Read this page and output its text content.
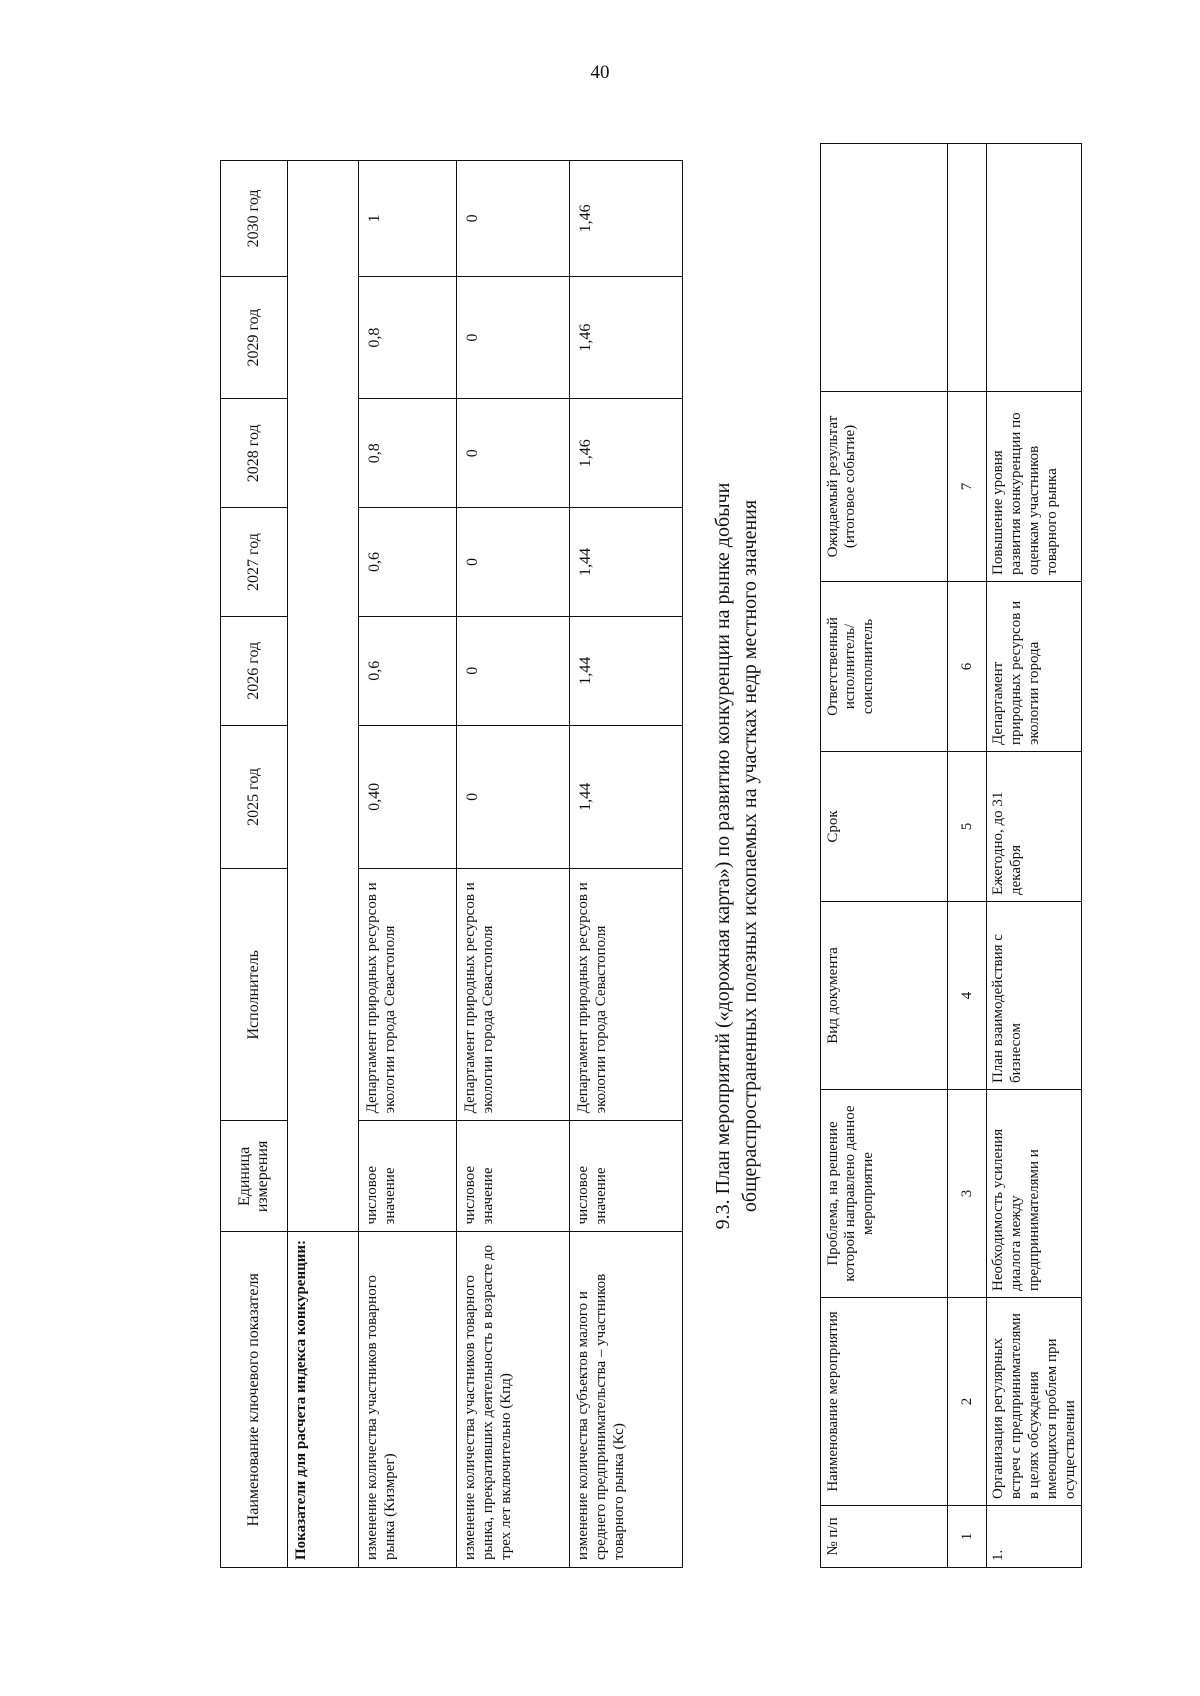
40
Наименование ключевого показателя	Единица измерения	Исполнитель	2025 год	2026 год	2027 год	2028 год	2029 год	2030 год
Показатели для расчета индекса конкуренции:								
изменение количества участников товарного рынка (Кизмрег)	числовое значение	Департамент природных ресурсов и экологии города Севастополя	0,40	0,6	0,6	0,8	0,8	1
изменение количества участников товарного рынка, прекративших деятельность в возрасте до трех лет включительно (Кпд)	числовое значение	Департамент природных ресурсов и экологии города Севастополя	0	0	0	0	0	0
изменение количества субъектов малого и среднего предпринимательства – участников товарного рынка (Кс)	числовое значение	Департамент природных ресурсов и экологии города Севастополя	1,44	1,44	1,44	1,46	1,46	1,46
9.3. План мероприятий («дорожная карта») по развитию конкуренции на рынке добычи общераспространенных полезных ископаемых на участках недр местного значения
№ п/п	Наименование мероприятия	Проблема, на решение которой направлено данное мероприятие	Вид документа	Срок	Ответственный исполнитель/ соисполнитель	Ожидаемый результат (итоговое событие)	
1	2	3	4	5	6	7	
1.	Организация регулярных встреч с предпринимателями в целях обсуждения имеющихся проблем при осуществлении	Необходимость усиления диалога между предпринимателями и	План взаимодействия с бизнесом	Ежегодно, до 31 декабря	Департамент природных ресурсов и экологии города	Повышение уровня развития конкуренции по оценкам участников товарного рынка	
